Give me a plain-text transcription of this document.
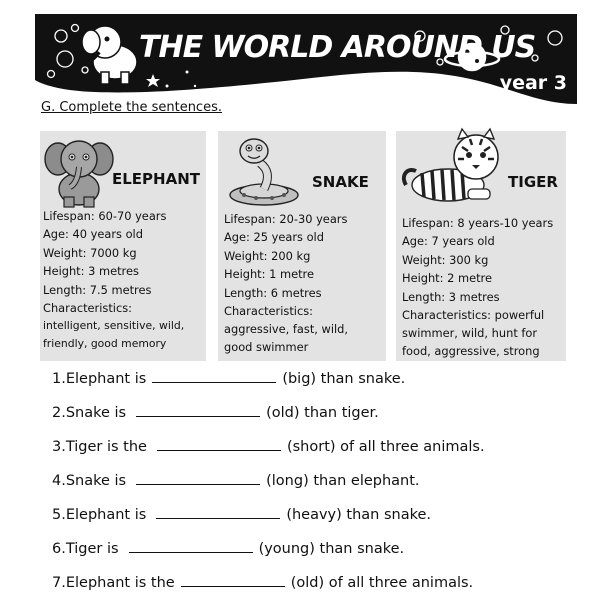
THE WORLD AROUND US
year 3
G. Complete the sentences.
ELEPHANT
Lifespan: 60-70 years
Age: 40 years old
Weight: 7000 kg
Height: 3 metres
Length: 7.5 metres
Characteristics:
intelligent, sensitive, wild, friendly, good memory
SNAKE
Lifespan: 20-30 years
Age: 25 years old
Weight: 200 kg
Height: 1 metre
Length: 6 metres
Characteristics:
aggressive, fast, wild, good swimmer
TIGER
Lifespan: 8 years-10 years
Age: 7 years old
Weight: 300 kg
Height: 2 metre
Length: 3 metres
Characteristics: powerful swimmer, wild, hunt for food, aggressive, strong
1.Elephant is	(big) than snake.
2.Snake is	(old) than tiger.
3.Tiger is the	(short) of all three animals.
4.Snake is	(long) than elephant.
5.Elephant is	(heavy) than snake.
6.Tiger is	(young) than snake.
7.Elephant is the	(old) of all three animals.
